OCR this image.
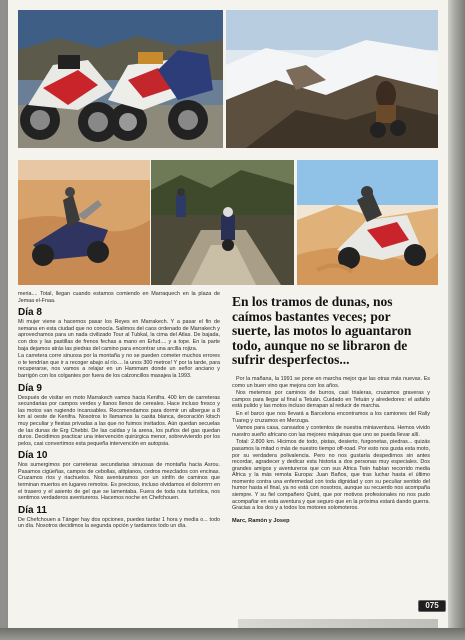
meria.... Total, llegan cuando estamos comiendo en Marraquech en la plaza de Jemaa el-Fnaa.

Día 8

Mi mujer viene a hacernos pasar los Reyes en Marrakech. Y a pasar el fin de semana en esta ciudad que no conocía. Salimos del caos ordenado de Marrakech y aprovechamos para un nada civilizado Tour al Tubkal, la cima del Atlas. De bajada, con dos y las pastillas de frenos fechas a mano en Erfud.... y a tope. En la parte baja dejamos atrás las piedras del camino para encontrar una arcilla rojiza.

La carretera corre sinuosa por la montaña y no se pueden cometer muchos errores o te tendrían que ir a recoger abajo al río.... la unos 300 metros! Y por la tarde, para recuperarse, nos vamos a relajar en un Hammam donde un señor anciano y barrigón con los colgantes por fuera de los calzoncillos masajea la 1993.

Día 9

Después de visitar en moto Marrakech vamos hacia Kenifra. 400 km de carreteras secundarias por campos verdes y llanos llenos de cereales. Hace incluso fresco y las motos van rugiendo incansables. Recomendamos para dormir un albergue a 8 km al oeste de Kenifra. Nosotros lo llamamos la casita blanca, decoración kitsch muy peculiar y fiestas privadas a las que no fuimos invitados. Aún quedan secuelas de las dunas de Erg Chebbi. De las caídas y la arena, los puños del gas quedan duros. Decidimos practicar una intervención quirúrgica menor, sobreviviendo por los pelos, casi convertimos esta pequeña intervención en autopsia.

Día 10

Nos sumergimos por carreteras secundarias sinuosas de montaña hacia Asrou. Pasamos cigüeñas, campos de cebollas, altiplanos, cedros mezclados con encinas. Cruzamos ríos y riachuelos. Nos aventuramos por un sinfín de caminos que terminan muertos en lugares remotos. Es precioso, incluso olvidamos el dolorrrrrr en el trasero y el asiento de gel que se lamentaba. Fuera de toda ruta turística, nos sentimos verdaderos aventureros. Hacemos noche en Chefchouen.

Día 11

De Chefchouen a Tánger hay dos opciones, puedes tardar 1 hora y media o... todo un día. Nosotros decidimos la segunda opción y tardamos todo un día.

En los tramos de dunas, nos caímos bastantes veces; por suerte, las motos lo aguantaron todo, aunque no se libraron de sufrir desperfectos...

Por la mañana, la 1991 se pone en marcha mejor que las otras más nuevas. Es como un buen vino que mejora con los años.

Nos metemos por caminos de burros, casi trialeras, cruzamos graveras y campos para llegar al final a Tetuán. Cuidado en Tetuán y alrededores: el asfalto está pulido y las motos incluso derrapan al reducir de marcha.

En el barco que nos llevará a Barcelona encontramos a los camiones del Rally Tuareg y cruzamos en Merzuga.

Vamos para casa, cansados y contentos de nuestra miniaventura. Hemos vivido nuestro sueño africano con las mejores máquinas que uno se pueda llevar allí.

Total: 2.800 km. Hicimos de todo, pistas, desierto, furgonetas, piedras... quizás pasamos la mitad o más de nuestro tiempo off-road. Por esto nos gusta esta moto, por su verdadera polivalencia. Pero no nos gustaría despedirnos sin antes recordar, agradecer y dedicar esta historia a dos personas muy especiales. Dos grandes amigos y aventureros que con sus Africa Twin habían recorrido media África y la más remota Europa: Juan Baños, que tras luchar hasta el último momento contra una enfermedad con toda dignidad y con su peculiar sentido del humor hasta el final, ya no está con nosotros, aunque su recuerdo nos acompaña siempre. Y su fiel compañero Quint, que por motivos profesionales no nos pudo acompañar en esta aventura y que seguro que en la próxima estará dando guerra. Gracias a los dos y a todos los motores solomoteros.

Marc, Ramón y Josep
075
